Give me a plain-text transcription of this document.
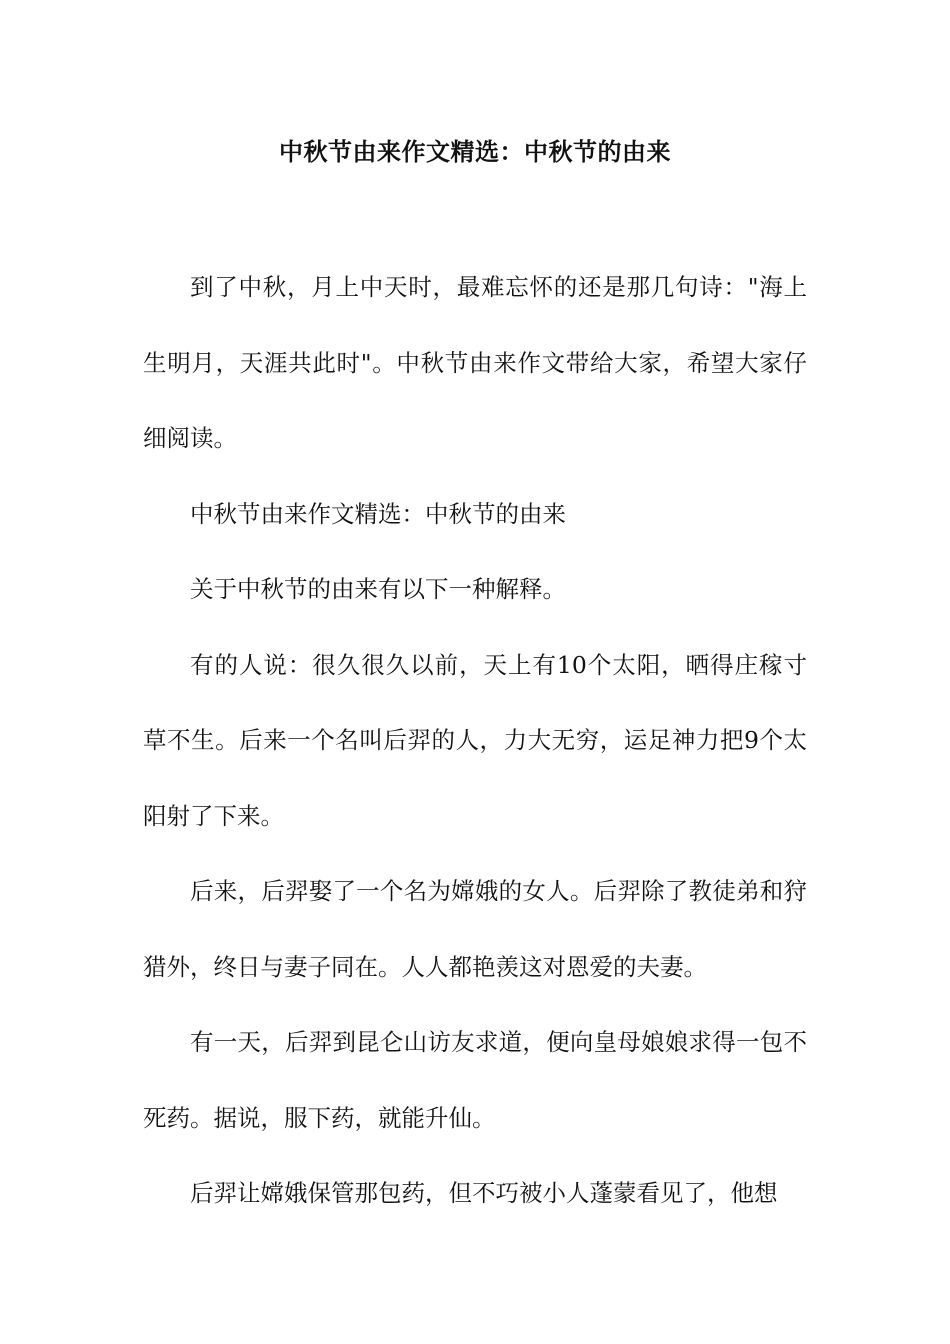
中秋节由来作文精选：中秋节的由来

到了中秋，月上中天时，最难忘怀的还是那几句诗："海上生明月，天涯共此时"。中秋节由来作文带给大家，希望大家仔细阅读。

中秋节由来作文精选：中秋节的由来

关于中秋节的由来有以下一种解释。

有的人说：很久很久以前，天上有10个太阳，晒得庄稼寸草不生。后来一个名叫后羿的人，力大无穷，运足神力把9个太阳射了下来。

后来，后羿娶了一个名为嫦娥的女人。后羿除了教徒弟和狩猎外，终日与妻子同在。人人都艳羡这对恩爱的夫妻。

有一天，后羿到昆仑山访友求道，便向皇母娘娘求得一包不死药。据说，服下药，就能升仙。

后羿让嫦娥保管那包药，但不巧被小人蓬蒙看见了，他想
